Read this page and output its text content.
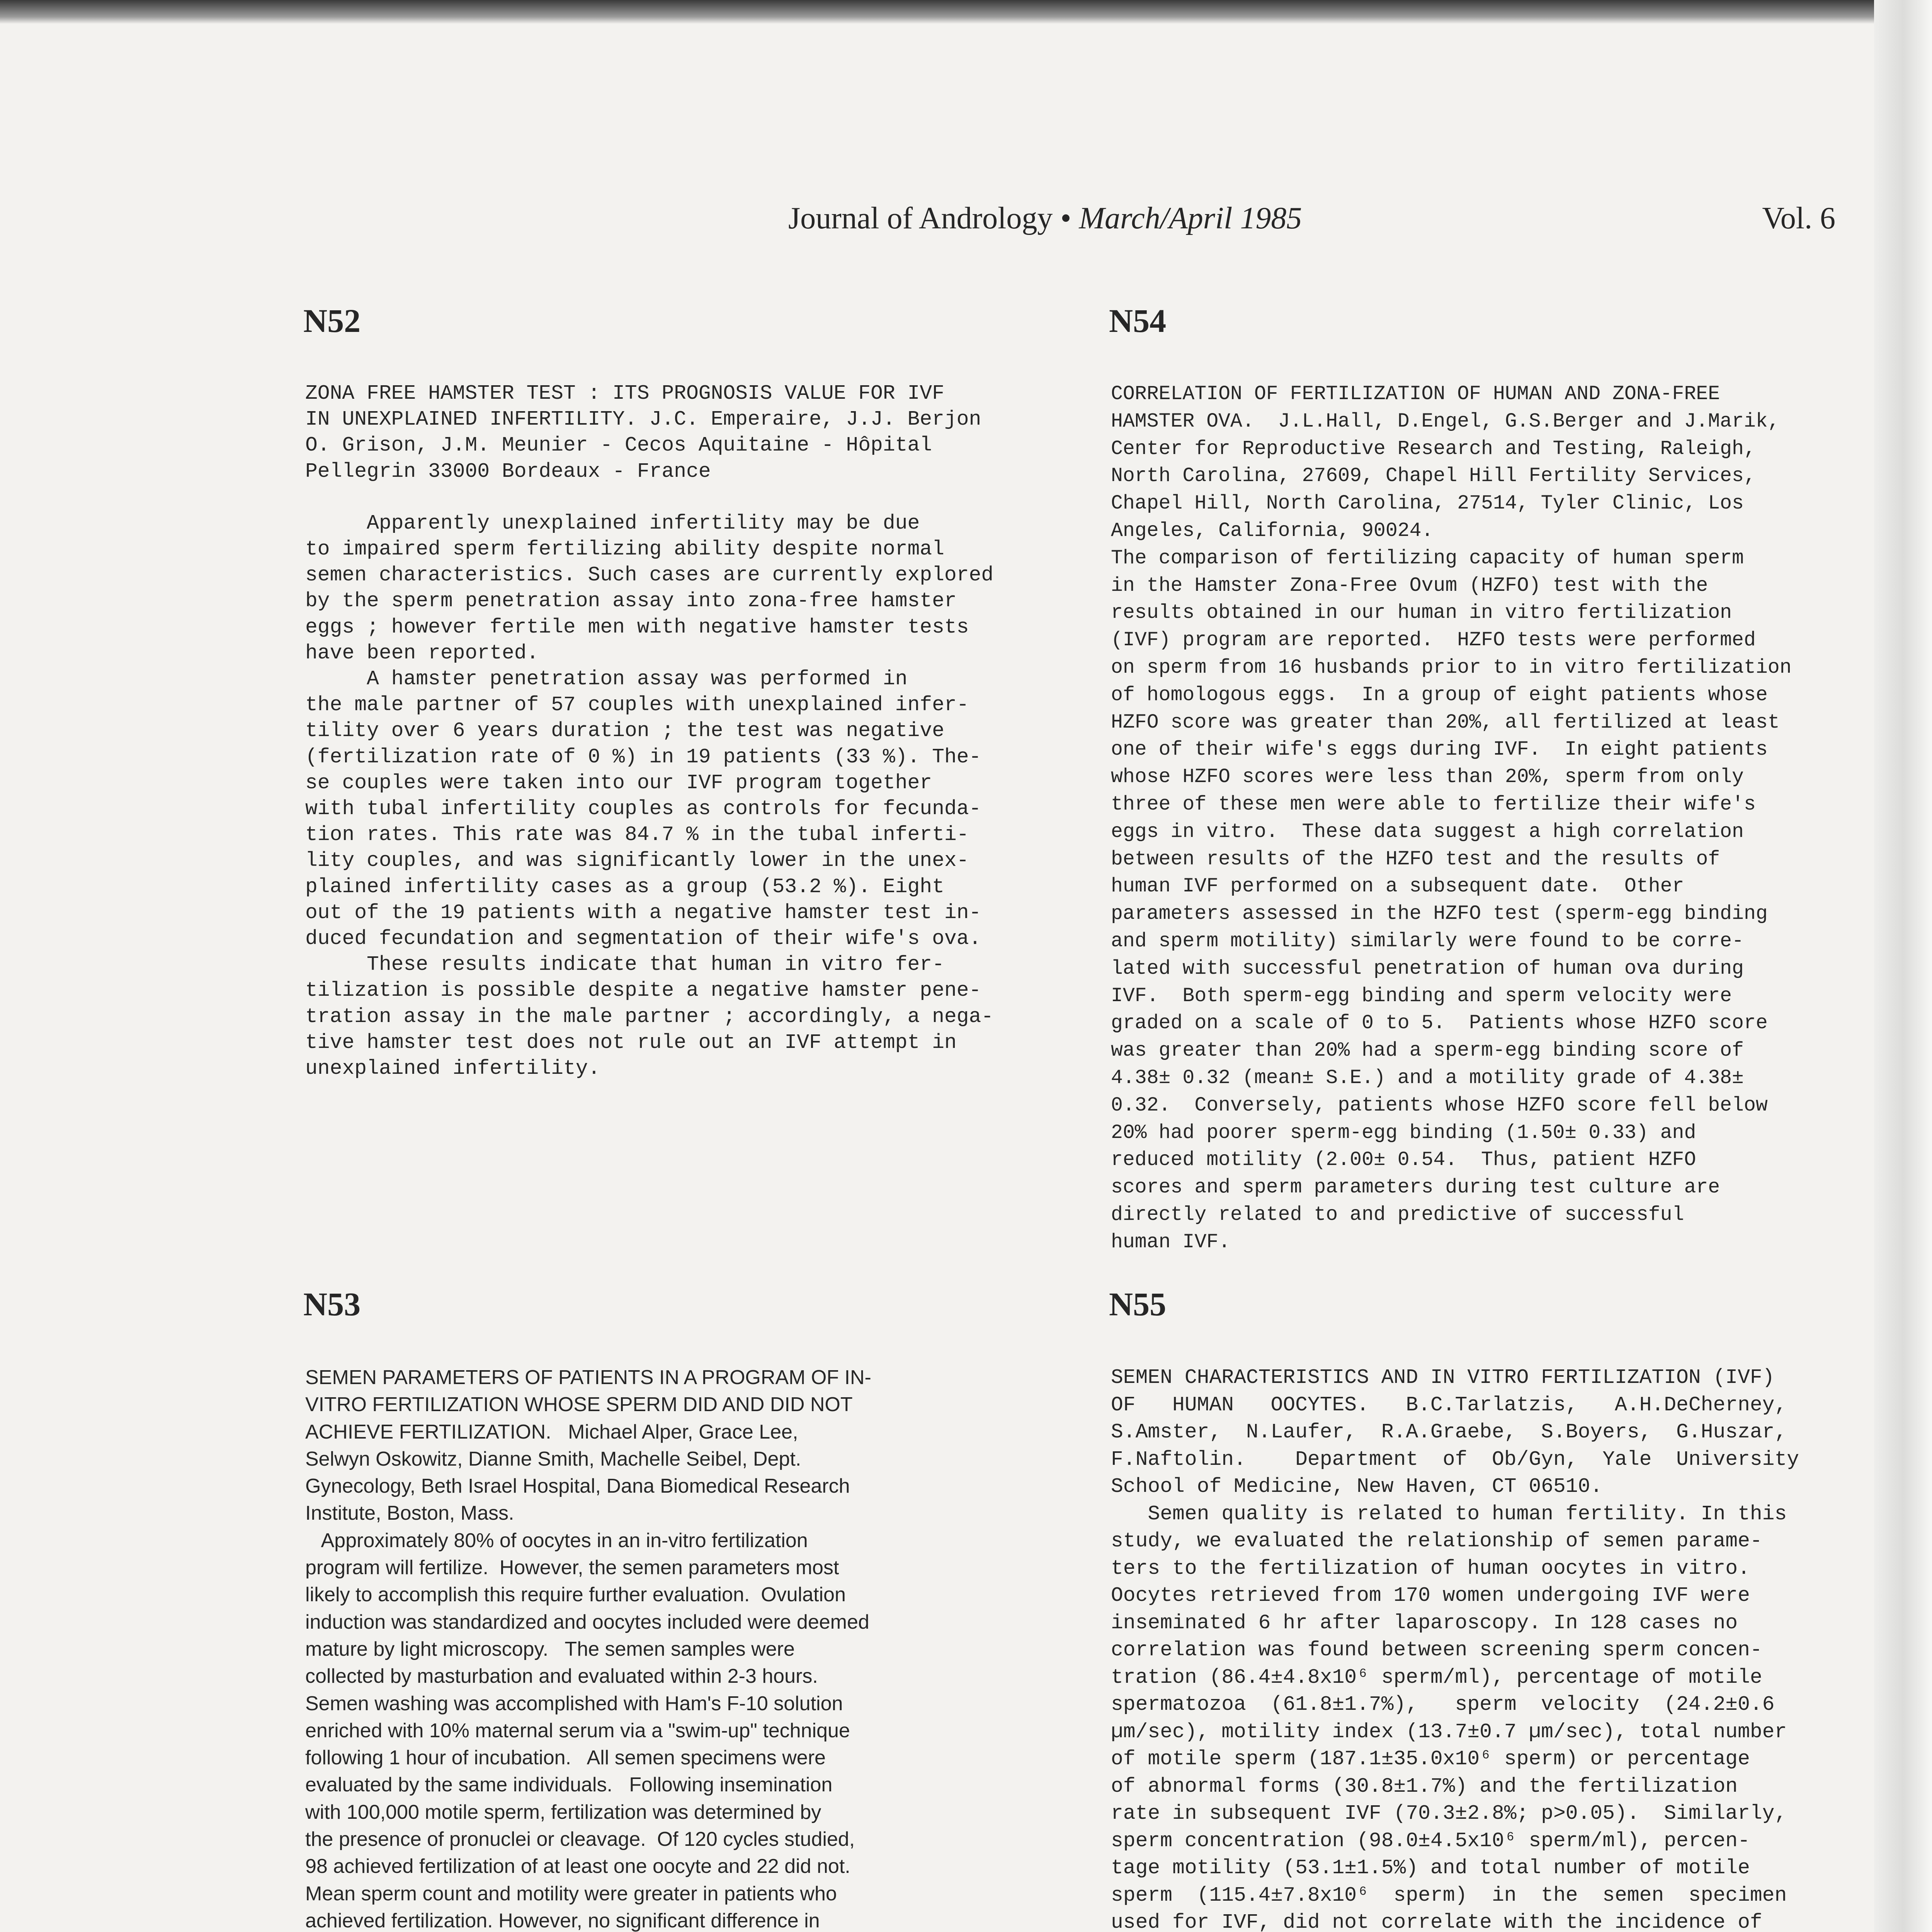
Journal of Andrology • March/April 1985	Vol. 6
N52	N54
N53	N55

ZONA FREE HAMSTER TEST : ITS PROGNOSIS VALUE FOR IVF

IN UNEXPLAINED INFERTILITY. J.C. Emperaire, J.J. Berjon

O. Grison, J.M. Meunier - Cecos Aquitaine - Hôpital

Pellegrin 33000 Bordeaux - France

Apparently unexplained infertility may be due

to impaired sperm fertilizing ability despite normal

semen characteristics. Such cases are currently explored

by the sperm penetration assay into zona-free hamster

eggs ; however fertile men with negative hamster tests

have been reported.

A hamster penetration assay was performed in

the male partner of 57 couples with unexplained infer-

tility over 6 years duration ; the test was negative

(fertilization rate of 0 %) in 19 patients (33 %). The-

se couples were taken into our IVF program together

with tubal infertility couples as controls for fecunda-

tion rates. This rate was 84.7 % in the tubal inferti-

lity couples, and was significantly lower in the unex-

plained infertility cases as a group (53.2 %). Eight

out of the 19 patients with a negative hamster test in-

duced fecundation and segmentation of their wife's ova.

These results indicate that human in vitro fer-

tilization is possible despite a negative hamster pene-

tration assay in the male partner ; accordingly, a nega-

tive hamster test does not rule out an IVF attempt in

unexplained infertility.

CORRELATION OF FERTILIZATION OF HUMAN AND ZONA-FREE

HAMSTER OVA.  J.L.Hall, D.Engel, G.S.Berger and J.Marik,

Center for Reproductive Research and Testing, Raleigh,

North Carolina, 27609, Chapel Hill Fertility Services,

Chapel Hill, North Carolina, 27514, Tyler Clinic, Los

Angeles, California, 90024.

The comparison of fertilizing capacity of human sperm

in the Hamster Zona-Free Ovum (HZFO) test with the

results obtained in our human in vitro fertilization

(IVF) program are reported.  HZFO tests were performed

on sperm from 16 husbands prior to in vitro fertilization

of homologous eggs.  In a group of eight patients whose

HZFO score was greater than 20%, all fertilized at least

one of their wife's eggs during IVF.  In eight patients

whose HZFO scores were less than 20%, sperm from only

three of these men were able to fertilize their wife's

eggs in vitro.  These data suggest a high correlation

between results of the HZFO test and the results of

human IVF performed on a subsequent date.  Other

parameters assessed in the HZFO test (sperm-egg binding

and sperm motility) similarly were found to be corre-

lated with successful penetration of human ova during

IVF.  Both sperm-egg binding and sperm velocity were

graded on a scale of 0 to 5.  Patients whose HZFO score

was greater than 20% had a sperm-egg binding score of

4.38± 0.32 (mean± S.E.) and a motility grade of 4.38±

0.32.  Conversely, patients whose HZFO score fell below

20% had poorer sperm-egg binding (1.50± 0.33) and

reduced motility (2.00± 0.54.  Thus, patient HZFO

scores and sperm parameters during test culture are

directly related to and predictive of successful

human IVF.

SEMEN PARAMETERS OF PATIENTS IN A PROGRAM OF IN-

VITRO FERTILIZATION WHOSE SPERM DID AND DID NOT

ACHIEVE FERTILIZATION.   Michael Alper, Grace Lee,

Selwyn Oskowitz, Dianne Smith, Machelle Seibel, Dept.

Gynecology, Beth Israel Hospital, Dana Biomedical Research

Institute, Boston, Mass.

Approximately 80% of oocytes in an in-vitro fertilization

program will fertilize.  However, the semen parameters most

likely to accomplish this require further evaluation.  Ovulation

induction was standardized and oocytes included were deemed

mature by light microscopy.   The semen samples were

collected by masturbation and evaluated within 2-3 hours.

Semen washing was accomplished with Ham's F-10 solution

enriched with 10% maternal serum via a "swim-up" technique

following 1 hour of incubation.   All semen specimens were

evaluated by the same individuals.   Following insemination

with 100,000 motile sperm, fertilization was determined by

the presence of pronuclei or cleavage.  Of 120 cycles studied,

98 achieved fertilization of at least one oocyte and 22 did not.

Mean sperm count and motility were greater in patients who

achieved fertilization. However, no significant difference in

SEMEN CHARACTERISTICS AND IN VITRO FERTILIZATION (IVF)

OF   HUMAN   OOCYTES.   B.C.Tarlatzis,   A.H.DeCherney,

S.Amster,  N.Laufer,  R.A.Graebe,  S.Boyers,  G.Huszar,

F.Naftolin.    Department  of  Ob/Gyn,  Yale  University

School of Medicine, New Haven, CT 06510.

Semen quality is related to human fertility. In this

study, we evaluated the relationship of semen parame-

ters to the fertilization of human oocytes in vitro.

Oocytes retrieved from 170 women undergoing IVF were

inseminated 6 hr after laparoscopy. In 128 cases no

correlation was found between screening sperm concen-

tration (86.4±4.8x10⁶ sperm/ml), percentage of motile

spermatozoa  (61.8±1.7%),   sperm  velocity  (24.2±0.6

µm/sec), motility index (13.7±0.7 µm/sec), total number

of motile sperm (187.1±35.0x10⁶ sperm) or percentage

of abnormal forms (30.8±1.7%) and the fertilization

rate in subsequent IVF (70.3±2.8%; p>0.05).  Similarly,

sperm concentration (98.0±4.5x10⁶ sperm/ml), percen-

tage motility (53.1±1.5%) and total number of motile

sperm  (115.4±7.8x10⁶  sperm)  in  the  semen  specimen

used for IVF, did not correlate with the incidence of
